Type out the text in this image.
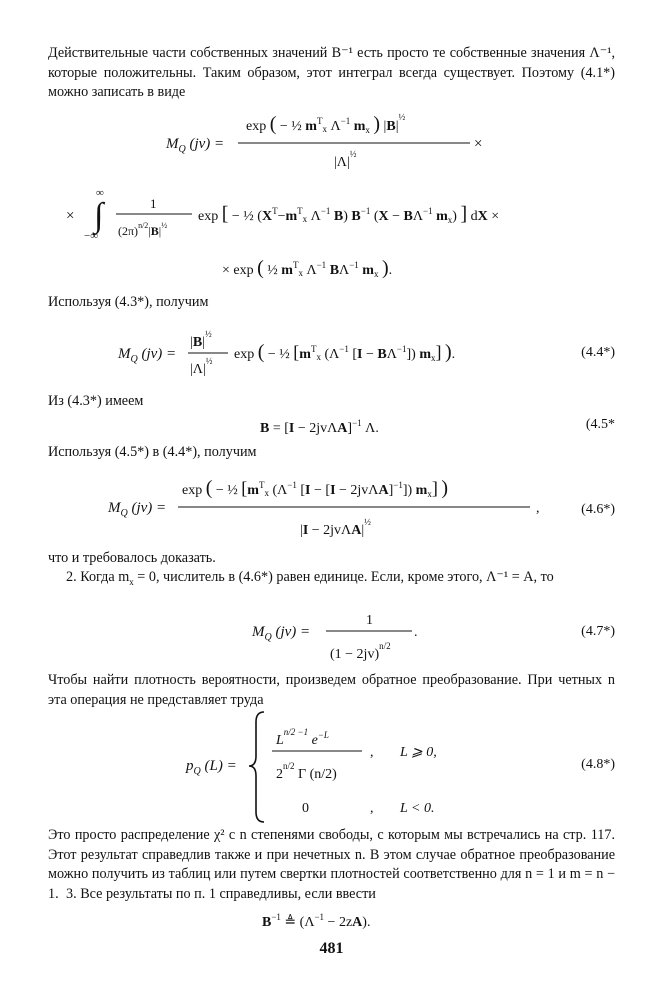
Действительные части собственных значений B⁻¹ есть просто те собственные значения Λ⁻¹, которые положительны. Таким образом, этот интеграл всегда существует. Поэтому (4.1*) можно записать в виде
$M_Q$ (jv) =
exp ( − ½ $m^T_x$ $\Lambda^{-1}$ $m_x$ ) $|B|^{\frac{1}{2}}$
$|\Lambda|^{\frac{1}{2}}$
×
×
∞
∫
−∞
1
$(2\pi)^{n/2}|B|^{\frac{1}{2}}$
exp [ − ½ ($X^T-m^T_x$ $\Lambda^{-1}$ B) $B^{-1}$ ($X - B\Lambda^{-1}$ $m_x$) ] dX ×
× exp ( ½ $m^T_x$ $\Lambda^{-1}$ $B\Lambda^{-1}$ $m_x$ ).
Используя (4.3*), получим
$M_Q$ (jv) =
$|B|^{\frac{1}{2}}$
$|\Lambda|^{\frac{1}{2}}$ exp ( − ½ [$m^T_x$ ($\Lambda^{-1}$ $[I - B\Lambda^{-1}]$) $m_x$] ).	(4.4*)
Из (4.3*) имеем
$B = [I - 2jv\Lambda A]^{-1}$ Λ.	(4.5*
Используя (4.5*) в (4.4*), получим
$M_Q$ (jv) =
exp ( − ½ [$m^T_x$ ($\Lambda^{-1}$ $[I - [I - 2jv\Lambda A]^{-1}]$) $m_x$] )
$|I - 2jv\Lambda A|^{\frac{1}{2}}$
,	(4.6*)
что и требовалось доказать.
2. Когда $m_x = 0$, числитель в (4.6*) равен единице. Если, кроме этого, Λ⁻¹ = A, то
$M_Q$ (jv) =
1
$(1 - 2jv)^{n/2}$
.	(4.7*)
Чтобы найти плотность вероятности, произведем обратное преобразование. При четных n эта операция не представляет труда
$p_Q$ (L) =
$L^{n/2 -1}$ $e^{-L}$
$2^{n/2}$ Γ (n/2)
, L ⩾ 0,
0	, L < 0.
(4.8*)
Это просто распределение χ² с n степенями свободы, с которым мы встречались на стр. 117. Этот результат справедлив также и при нечетных n. В этом случае обратное преобразование можно получить из таблиц или путем свертки плотностей соответственно для n = 1 и m = n − 1. 3. Все результаты по п. 1 справедливы, если ввести
$B^{-1}$ ≜ $(\Lambda^{-1} - 2zA)$.
481
